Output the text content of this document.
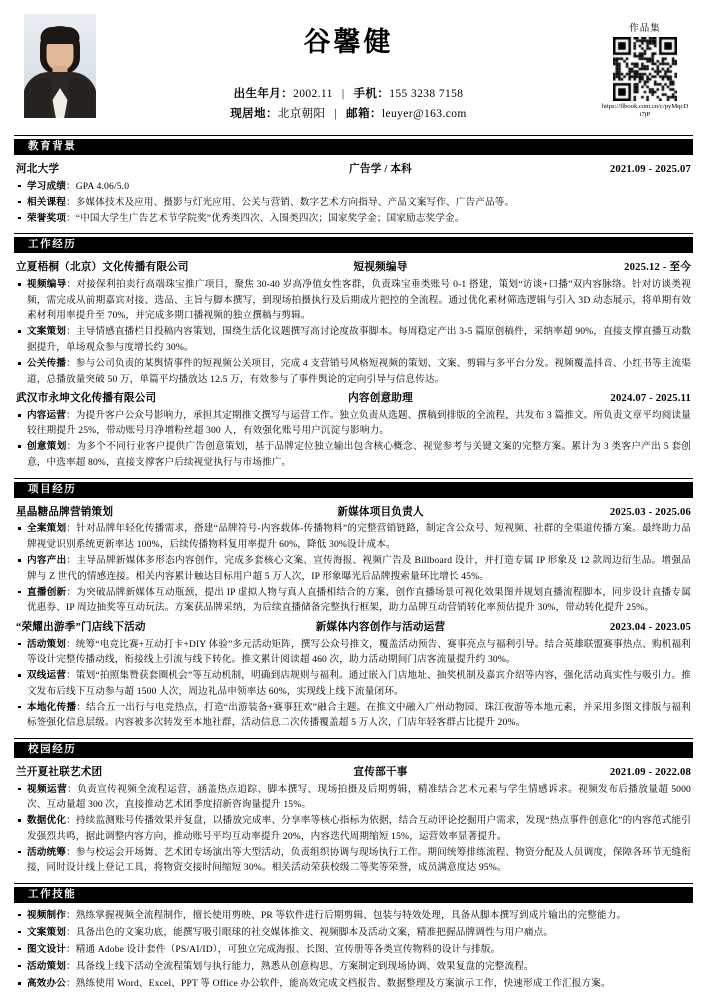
谷馨健
出生年月：2002.11 | 手机：155 3238 7158
现居地：北京朝阳 | 邮箱：leuyer@163.com
作品集
https://flbook.com.cn/c/pyMqcDi7jP
教育背景
河北大学	广告学 / 本科	2021.09 - 2025.07
学习成绩：GPA 4.06/5.0
相关课程：多媒体技术及应用、摄影与灯光应用、公关与营销、数字艺术方向指导、产品文案写作、广告产品等。
荣誉奖项：“中国大学生广告艺术节学院奖”优秀类四次、入围类四次；国家奖学金；国家励志奖学金。
工作经历
立夏梧桐（北京）文化传播有限公司	短视频编导	2025.12 - 至今
视频编导：对接保利拍卖行高端珠宝推广项目，聚焦 30-40 岁高净值女性客群，负责珠宝垂类账号 0-1 搭建，策划“访谈+口播”双内容脉络。针对访谈类视频，需完成从前期嘉宾对接、选品、主旨与脚本撰写，到现场拍摄执行及后期成片把控的全流程。通过优化素材筛选逻辑与引入 3D 动态展示，将单期有效素材利用率提升至 70%，并完成多期口播视频的独立撰稿与剪辑。
文案策划：主导情感直播栏目投稿内容策划，围绕生活化议题撰写高讨论度故事脚本。每周稳定产出 3-5 篇原创稿件，采纳率超 90%，直接支撑直播互动数据提升，单场观众参与度增长约 30%。
公关传播：参与公司负责的某舆情事件的短视频公关项目，完成 4 支营销号风格短视频的策划、文案、剪辑与多平台分发。视频覆盖抖音、小红书等主流渠道，总播放量突破 50 万，单篇平均播放达 12.5 万，有效参与了事件舆论的定向引导与信息传达。
武汉市永坤文化传播有限公司	内容创意助理	2024.07 - 2025.11
内容运营：为提升客户公众号影响力，承担其定期推文撰写与运营工作。独立负责从选题、撰稿到排版的全流程，共发布 3 篇推文。所负责文章平均阅读量较往期提升 25%，带动账号月净增粉丝超 300 人，有效强化账号用户沉淀与影响力。
创意策划：为多个不同行业客户提供广告创意策划，基于品牌定位独立输出包含核心概念、视觉参考与关键文案的完整方案。累计为 3 类客户产出 5 套创意，中选率超 80%，直接支撑客户后续视觉执行与市场推广。
项目经历
星晶糖品牌营销策划	新媒体项目负责人	2025.03 - 2025.06
全案策划：针对品牌年轻化传播需求，搭建“品牌符号-内容载体-传播物料”的完整营销链路，制定含公众号、短视频、社群的全渠道传播方案。最终助力品牌视觉识别系统更新率达 100%，后续传播物料复用率提升 60%，降低 30%设计成本。
内容产出：主导品牌新媒体多形态内容创作，完成多套核心文案、宣传海报、视频广告及 Billboard 设计，并打造专属 IP 形象及 12 款周边衍生品。增强品牌与 Z 世代的情感连接。相关内容累计触达目标用户超 5 万人次，IP 形象曝光后品牌搜索量环比增长 45%。
直播创新：为突破品牌新媒体互动瓶颈，提出 IP 虚拟人物与真人直播相结合的方案，创作直播场景可视化效果图并规划直播流程脚本，同步设计直播专属优惠券、IP 周边抽奖等互动玩法。方案获品牌采纳，为后续直播储备完整执行框架，助力品牌互动营销转化率预估提升 30%，带动转化提升 25%。
“荣耀出游季”门店线下活动	新媒体内容创作与活动运营	2023.04 - 2023.05
活动策划：统筹“电竞比赛+互动打卡+DIY 体验”多元活动矩阵，撰写公众号推文，覆盖活动预告、赛事亮点与福利引导。结合英雄联盟赛事热点、购机福利等设计完整传播动线，衔接线上引流与线下转化。推文累计阅读超 460 次，助力活动期间门店客流量提升约 30%。
双线运营：策划“拍照集赞获套圈机会”等互动机制，明确到店规则与福利。通过嵌入门店地址、抽奖机制及嘉宾介绍等内容，强化活动真实性与吸引力。推文发布后线下互动参与超 1500 人次，周边礼品申领率达 60%，实现线上线下流量闭环。
本地化传播：结合五一出行与电竞热点，打造“出游装备+赛事狂欢”融合主题。在推文中融入广州动物园、珠江夜游等本地元素，并采用多图文排版与福利标签强化信息层级。内容被多次转发至本地社群，活动信息二次传播覆盖超 5 万人次，门店年轻客群占比提升 20%。
校园经历
兰开夏社联艺术团	宣传部干事	2021.09 - 2022.08
视频运营：负责宣传视频全流程运营，涵盖热点追踪、脚本撰写、现场拍摄及后期剪辑，精准结合艺术元素与学生情感诉求。视频发布后播放量超 5000 次、互动量超 300 次，直接推动艺术团季度招新咨询量提升 15%。
数据优化：持续监测账号传播效果并复盘，以播放完成率、分享率等核心指标为依据，结合互动评论挖掘用户需求，发现“热点事件创意化”的内容范式能引发强烈共鸣，据此调整内容方向，推动账号平均互动率提升 20%，内容迭代周期缩短 15%，运营效率显著提升。
活动统筹：参与校运会开场舞、艺术团专场演出等大型活动，负责组织协调与现场执行工作。期间统筹排练流程、物资分配及人员调度，保障各环节无缝衔接，同时设计线上登记工具，将物资交接时间缩短 30%。相关活动荣获校级二等奖等荣誉，成员满意度达 95%。
工作技能
视频制作：熟练掌握视频全流程制作，擅长使用剪映、PR 等软件进行后期剪辑、包装与特效处理，具备从脚本撰写到成片输出的完整能力。
文案策划：具备出色的文案功底，能撰写吸引眼球的社交媒体推文、视频脚本及活动文案，精准把握品牌调性与用户痛点。
图文设计：精通 Adobe 设计套件（PS/AI/ID），可独立完成海报、长图、宣传册等各类宣传物料的设计与排版。
活动策划：具备线上线下活动全流程策划与执行能力，熟悉从创意构思、方案制定到现场协调、效果复盘的完整流程。
高效办公：熟练使用 Word、Excel、PPT 等 Office 办公软件，能高效完成文档报告、数据整理及方案演示工作，快速形成工作汇报方案。
